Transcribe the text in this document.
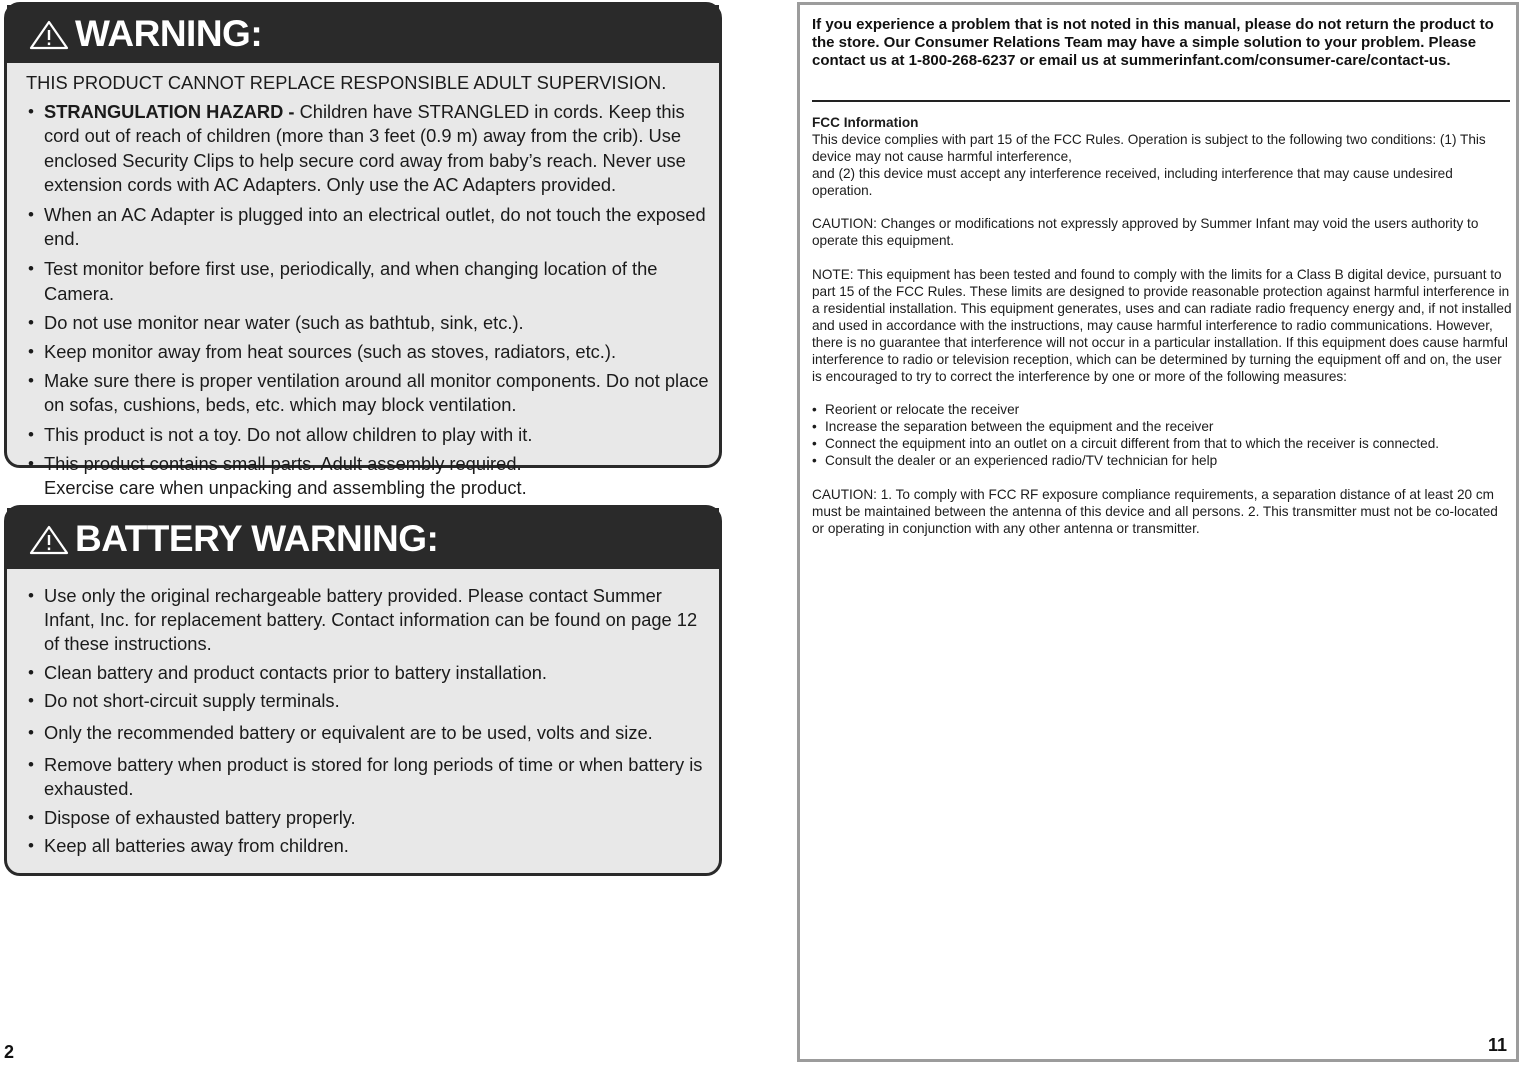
WARNING:

THIS PRODUCT CANNOT REPLACE RESPONSIBLE ADULT SUPERVISION.

• STRANGULATION HAZARD - Children have STRANGLED in cords. Keep this cord out of reach of children (more than 3 feet (0.9 m) away from the crib). Use enclosed Security Clips to help secure cord away from baby’s reach. Never use extension cords with AC Adapters. Only use the AC Adapters provided.
• When an AC Adapter is plugged into an electrical outlet, do not touch the exposed end.
• Test monitor before first use, periodically, and when changing location of the Camera.
• Do not use monitor near water (such as bathtub, sink, etc.).
• Keep monitor away from heat sources (such as stoves, radiators, etc.).
• Make sure there is proper ventilation around all monitor components. Do not place on sofas, cushions, beds, etc. which may block ventilation.
• This product is not a toy. Do not allow children to play with it.
• This product contains small parts. Adult assembly required.
Exercise care when unpacking and assembling the product.
BATTERY WARNING:
• Use only the original rechargeable battery provided. Please contact Summer Infant, Inc. for replacement battery. Contact information can be found on page 12 of these instructions.
• Clean battery and product contacts prior to battery installation.
• Do not short-circuit supply terminals.
• Only the recommended battery or equivalent are to be used, volts and size.
• Remove battery when product is stored for long periods of time or when battery is exhausted.
• Dispose of exhausted battery properly.
• Keep all batteries away from children.
2

If you experience a problem that is not noted in this manual, please do not return the product to the store. Our Consumer Relations Team may have a simple solution to your problem. Please contact us at 1-800-268-6237 or email us at summerinfant.com/consumer-care/contact-us.

FCC Information

This device complies with part 15 of the FCC Rules. Operation is subject to the following two conditions: (1) This device may not cause harmful interference,

and (2) this device must accept any interference received, including interference that may cause undesired operation.

CAUTION: Changes or modifications not expressly approved by Summer Infant may void the users authority to operate this equipment.

NOTE: This equipment has been tested and found to comply with the limits for a Class B digital device, pursuant to part 15 of the FCC Rules. These limits are designed to provide reasonable protection against harmful interference in a residential installation. This equipment generates, uses and can radiate radio frequency energy and, if not installed and used in accordance with the instructions, may cause harmful interference to radio communications. However, there is no guarantee that interference will not occur in a particular installation. If this equipment does cause harmful interference to radio or television reception, which can be determined by turning the equipment off and on, the user is encouraged to try to correct the interference by one or more of the following measures:

• Reorient or relocate the receiver
• Increase the separation between the equipment and the receiver
• Connect the equipment into an outlet on a circuit different from that to which the receiver is connected.
• Consult the dealer or an experienced radio/TV technician for help

CAUTION: 1. To comply with FCC RF exposure compliance requirements, a separation distance of at least 20 cm must be maintained between the antenna of this device and all persons. 2. This transmitter must not be co-located or operating in conjunction with any other antenna or transmitter.

11
